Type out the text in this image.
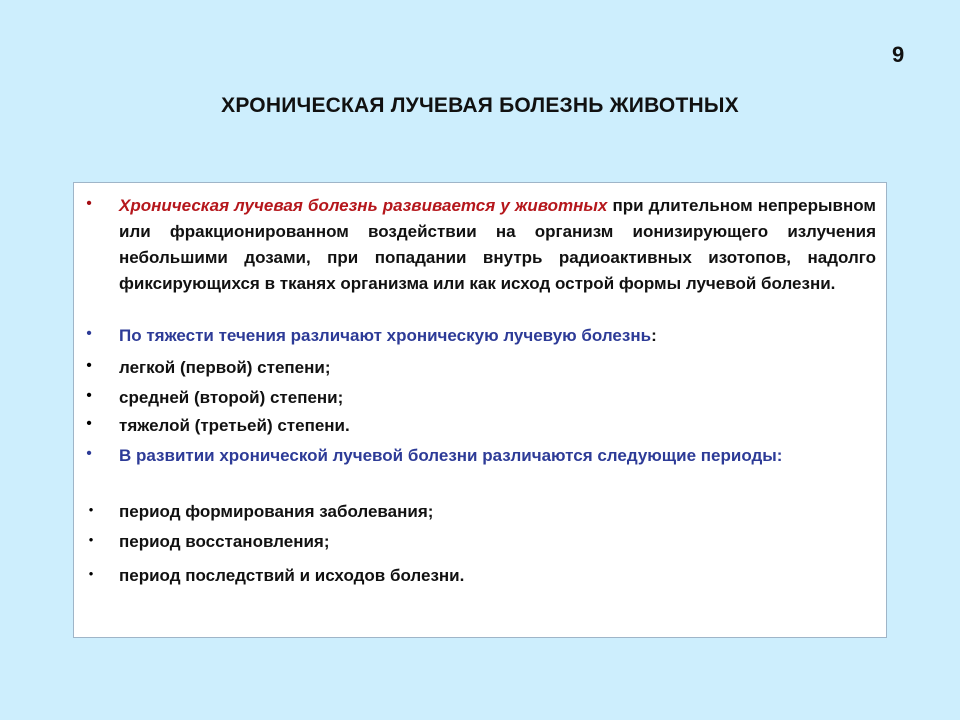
9
ХРОНИЧЕСКАЯ ЛУЧЕВАЯ БОЛЕЗНЬ ЖИВОТНЫХ
• Хроническая лучевая болезнь развивается у животных при длительном непрерывном или фракционированном воздействии на организм ионизирующего излучения небольшими дозами, при попадании внутрь радиоактивных изотопов, надолго фиксирующихся в тканях организма или как исход острой формы лучевой болезни.
• По тяжести течения различают хроническую лучевую болезнь:
• легкой (первой) степени;
• средней (второй) степени;
• тяжелой (третьей) степени.
• В развитии хронической лучевой болезни различаются следующие периоды:
• период формирования заболевания;
• период восстановления;
• период последствий и исходов болезни.
